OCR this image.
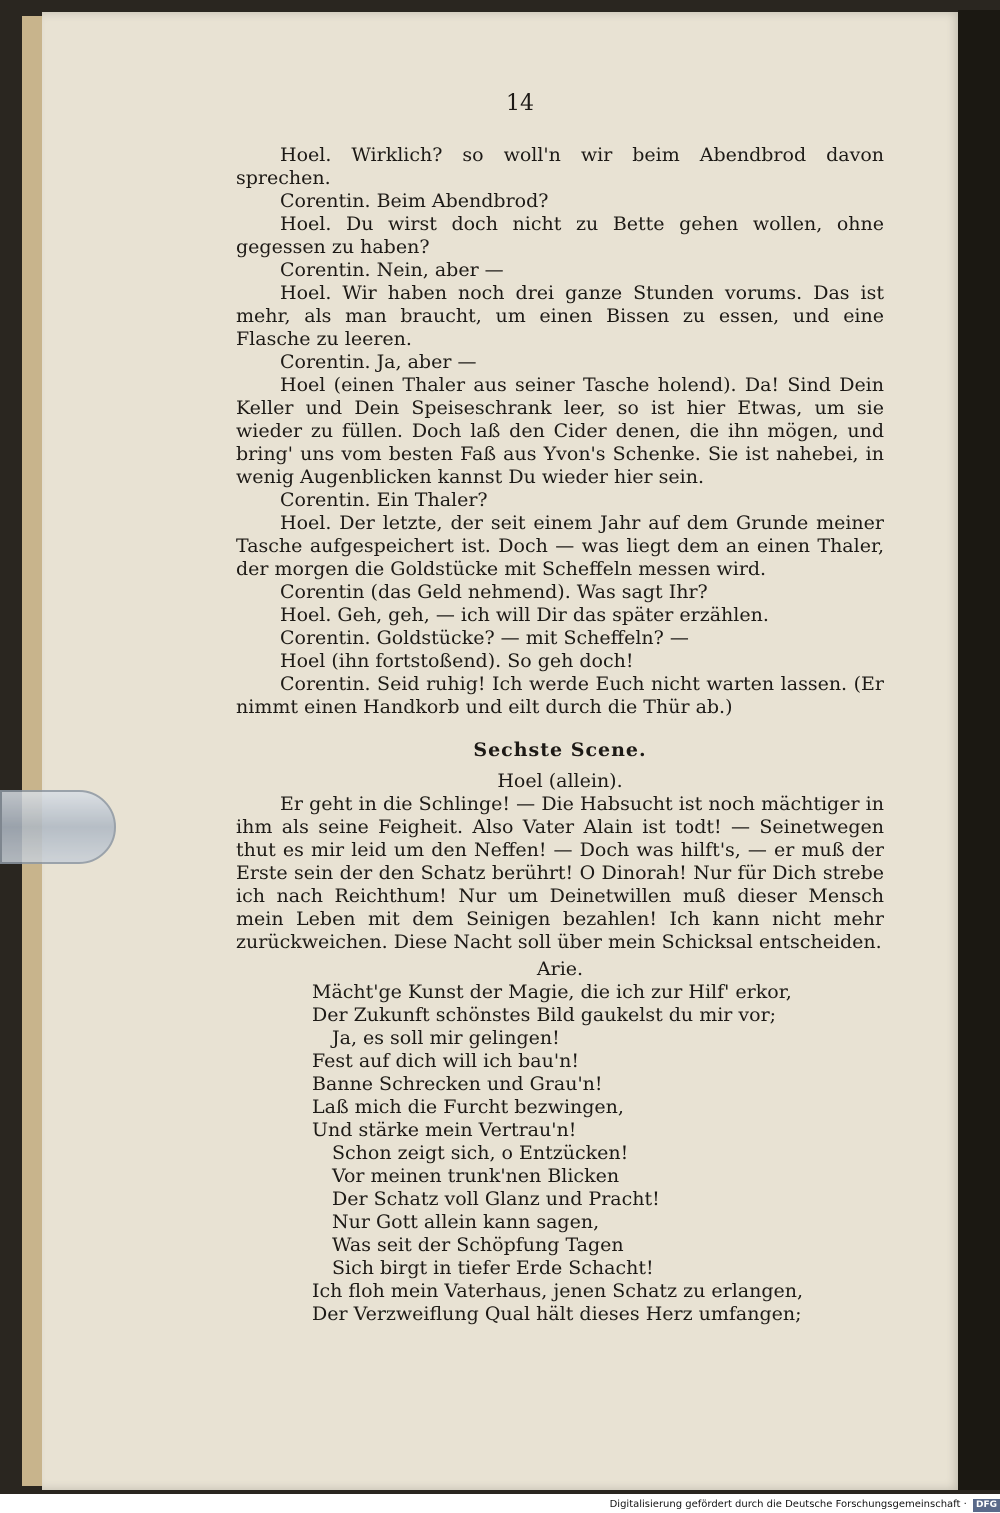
14

Hoel. Wirklich? so woll'n wir beim Abendbrod davon sprechen.

Corentin. Beim Abendbrod?

Hoel. Du wirst doch nicht zu Bette gehen wollen, ohne gegessen zu haben?

Corentin. Nein, aber —

Hoel. Wir haben noch drei ganze Stunden vorums. Das ist mehr, als man braucht, um einen Bissen zu essen, und eine Flasche zu leeren.

Corentin. Ja, aber —

Hoel (einen Thaler aus seiner Tasche holend). Da! Sind Dein Keller und Dein Speiseschrank leer, so ist hier Etwas, um sie wieder zu füllen. Doch laß den Cider denen, die ihn mögen, und bring' uns vom besten Faß aus Yvon's Schenke. Sie ist nahebei, in wenig Augenblicken kannst Du wieder hier sein.

Corentin. Ein Thaler?

Hoel. Der letzte, der seit einem Jahr auf dem Grunde meiner Tasche aufgespeichert ist. Doch — was liegt dem an einen Thaler, der morgen die Goldstücke mit Scheffeln messen wird.

Corentin (das Geld nehmend). Was sagt Ihr?

Hoel. Geh, geh, — ich will Dir das später erzählen.

Corentin. Goldstücke? — mit Scheffeln? —

Hoel (ihn fortstoßend). So geh doch!

Corentin. Seid ruhig! Ich werde Euch nicht warten lassen. (Er nimmt einen Handkorb und eilt durch die Thür ab.)

Sechste Scene.

Hoel (allein).

Er geht in die Schlinge! — Die Habsucht ist noch mächtiger in ihm als seine Feigheit. Also Vater Alain ist todt! — Seinetwegen thut es mir leid um den Neffen! — Doch was hilft's, — er muß der Erste sein der den Schatz berührt! O Dinorah! Nur für Dich strebe ich nach Reichthum! Nur um Deinetwillen muß dieser Mensch mein Leben mit dem Seinigen bezahlen! Ich kann nicht mehr zurückweichen. Diese Nacht soll über mein Schicksal entscheiden.

Arie.

Mächt'ge Kunst der Magie, die ich zur Hilf' erkor,

Der Zukunft schönstes Bild gaukelst du mir vor;

Ja, es soll mir gelingen!

Fest auf dich will ich bau'n!

Banne Schrecken und Grau'n!

Laß mich die Furcht bezwingen,

Und stärke mein Vertrau'n!

Schon zeigt sich, o Entzücken!

Vor meinen trunk'nen Blicken

Der Schatz voll Glanz und Pracht!

Nur Gott allein kann sagen,

Was seit der Schöpfung Tagen

Sich birgt in tiefer Erde Schacht!

Ich floh mein Vaterhaus, jenen Schatz zu erlangen,

Der Verzweiflung Qual hält dieses Herz umfangen;

Digitalisierung gefördert durch die Deutsche Forschungsgemeinschaft · DFG
